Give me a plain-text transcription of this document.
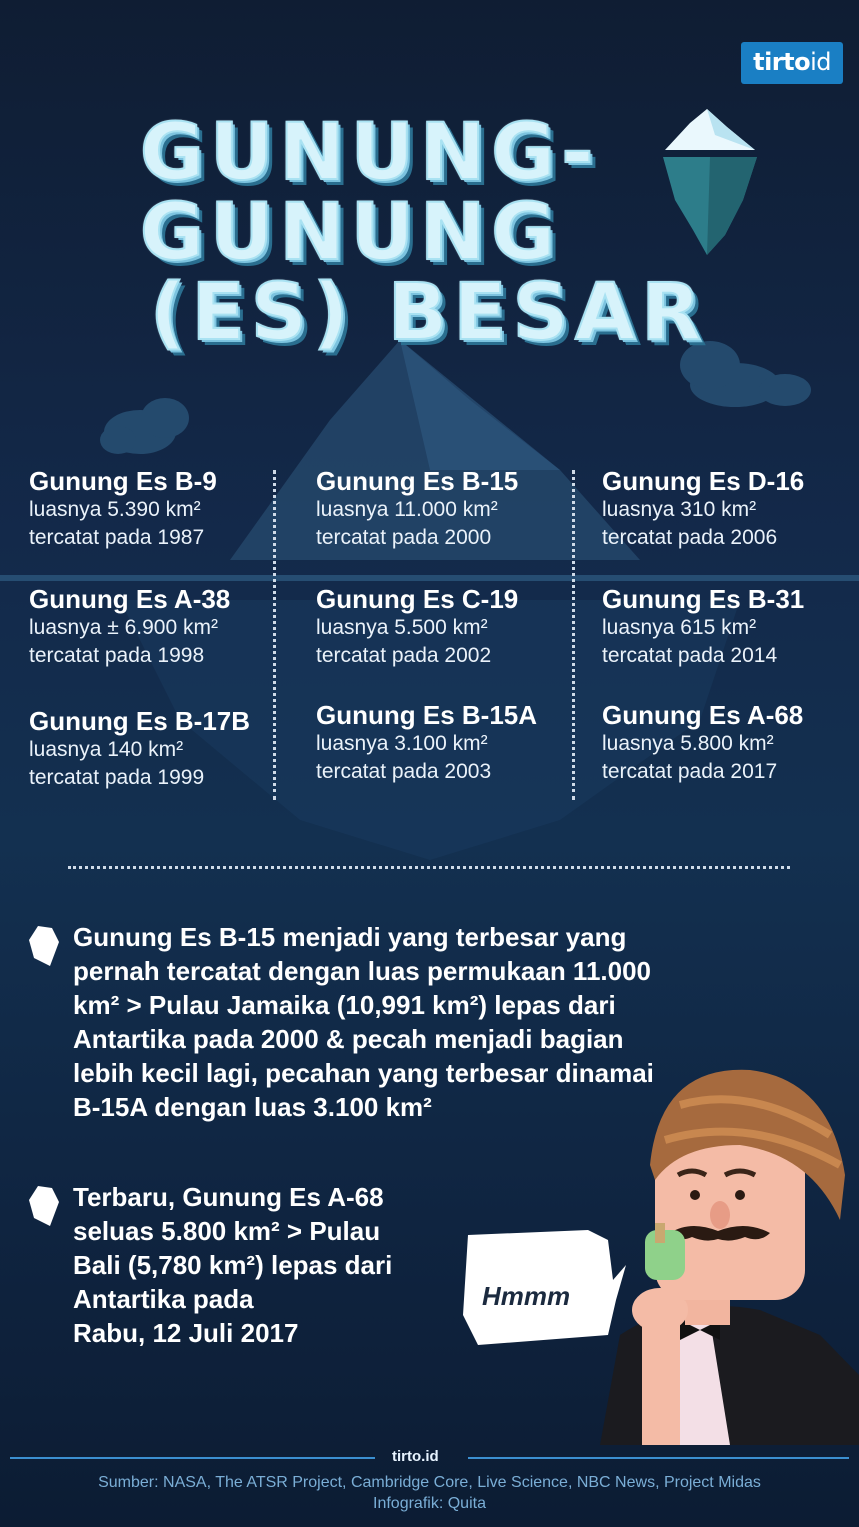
tirtoid
GUNUNG-
GUNUNG
(ES) BESAR
Gunung Es B-9
luasnya 5.390 km²
tercatat pada 1987
Gunung Es B-15
luasnya 11.000 km²
tercatat pada 2000
Gunung Es D-16
luasnya 310 km²
tercatat pada 2006
Gunung Es A-38
luasnya ± 6.900 km²
tercatat pada 1998
Gunung Es C-19
luasnya 5.500 km²
tercatat pada 2002
Gunung Es B-31
luasnya 615 km²
tercatat pada 2014
Gunung Es B-17B
luasnya 140 km²
tercatat pada 1999
Gunung Es B-15A
luasnya 3.100 km²
tercatat pada 2003
Gunung Es A-68
luasnya 5.800 km²
tercatat pada 2017
Gunung Es B-15 menjadi yang terbesar yang
pernah tercatat dengan luas permukaan 11.000
km² > Pulau Jamaika (10,991 km²) lepas dari
Antartika pada 2000 & pecah menjadi bagian
lebih kecil lagi, pecahan yang terbesar dinamai
B-15A dengan luas 3.100 km²
Terbaru, Gunung Es A-68
seluas 5.800 km² > Pulau
Bali (5,780 km²) lepas dari
Antartika pada
Rabu, 12 Juli 2017
Hmmm
tirto.id
Sumber: NASA, The ATSR Project, Cambridge Core, Live Science, NBC News, Project Midas
Infografik: Quita
